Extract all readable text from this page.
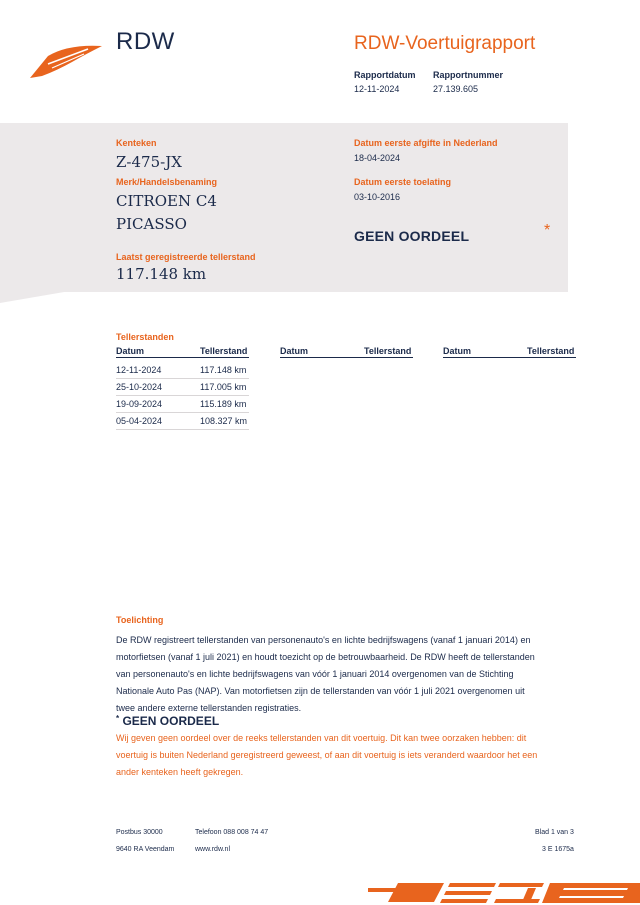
RDW	RDW-Voertuigrapport
Rapportdatum
12-11-2024
Rapportnummer
27.139.605
Kenteken
Z-475-JX
Merk/Handelsbenaming
CITROEN C4
PICASSO
Laatst geregistreerde tellerstand
117.148 km
Datum eerste afgifte in Nederland
18-04-2024
Datum eerste toelating
03-10-2016
GEEN OORDEEL	*
Tellerstanden
Datum	Tellerstand	Datum	Tellerstand	Datum	Tellerstand
12-11-2024	117.148 km
25-10-2024	117.005 km
19-09-2024	115.189 km
05-04-2024	108.327 km
Toelichting
De RDW registreert tellerstanden van personenauto's en lichte bedrijfswagens (vanaf 1 januari 2014) en
motorfietsen (vanaf 1 juli 2021) en houdt toezicht op de betrouwbaarheid. De RDW heeft de tellerstanden
van personenauto's en lichte bedrijfswagens van vóór 1 januari 2014 overgenomen van de Stichting
Nationale Auto Pas (NAP). Van motorfietsen zijn de tellerstanden van vóór 1 juli 2021 overgenomen uit
twee andere externe tellerstanden registraties.
* GEEN OORDEEL
Wij geven geen oordeel over de reeks tellerstanden van dit voertuig. Dit kan twee oorzaken hebben: dit
voertuig is buiten Nederland geregistreerd geweest, of aan dit voertuig is iets veranderd waardoor het een
ander kenteken heeft gekregen.
Postbus 30000
9640 RA Veendam
Telefoon 088 008 74 47
www.rdw.nl
Blad 1 van 3
3 E 1675a
